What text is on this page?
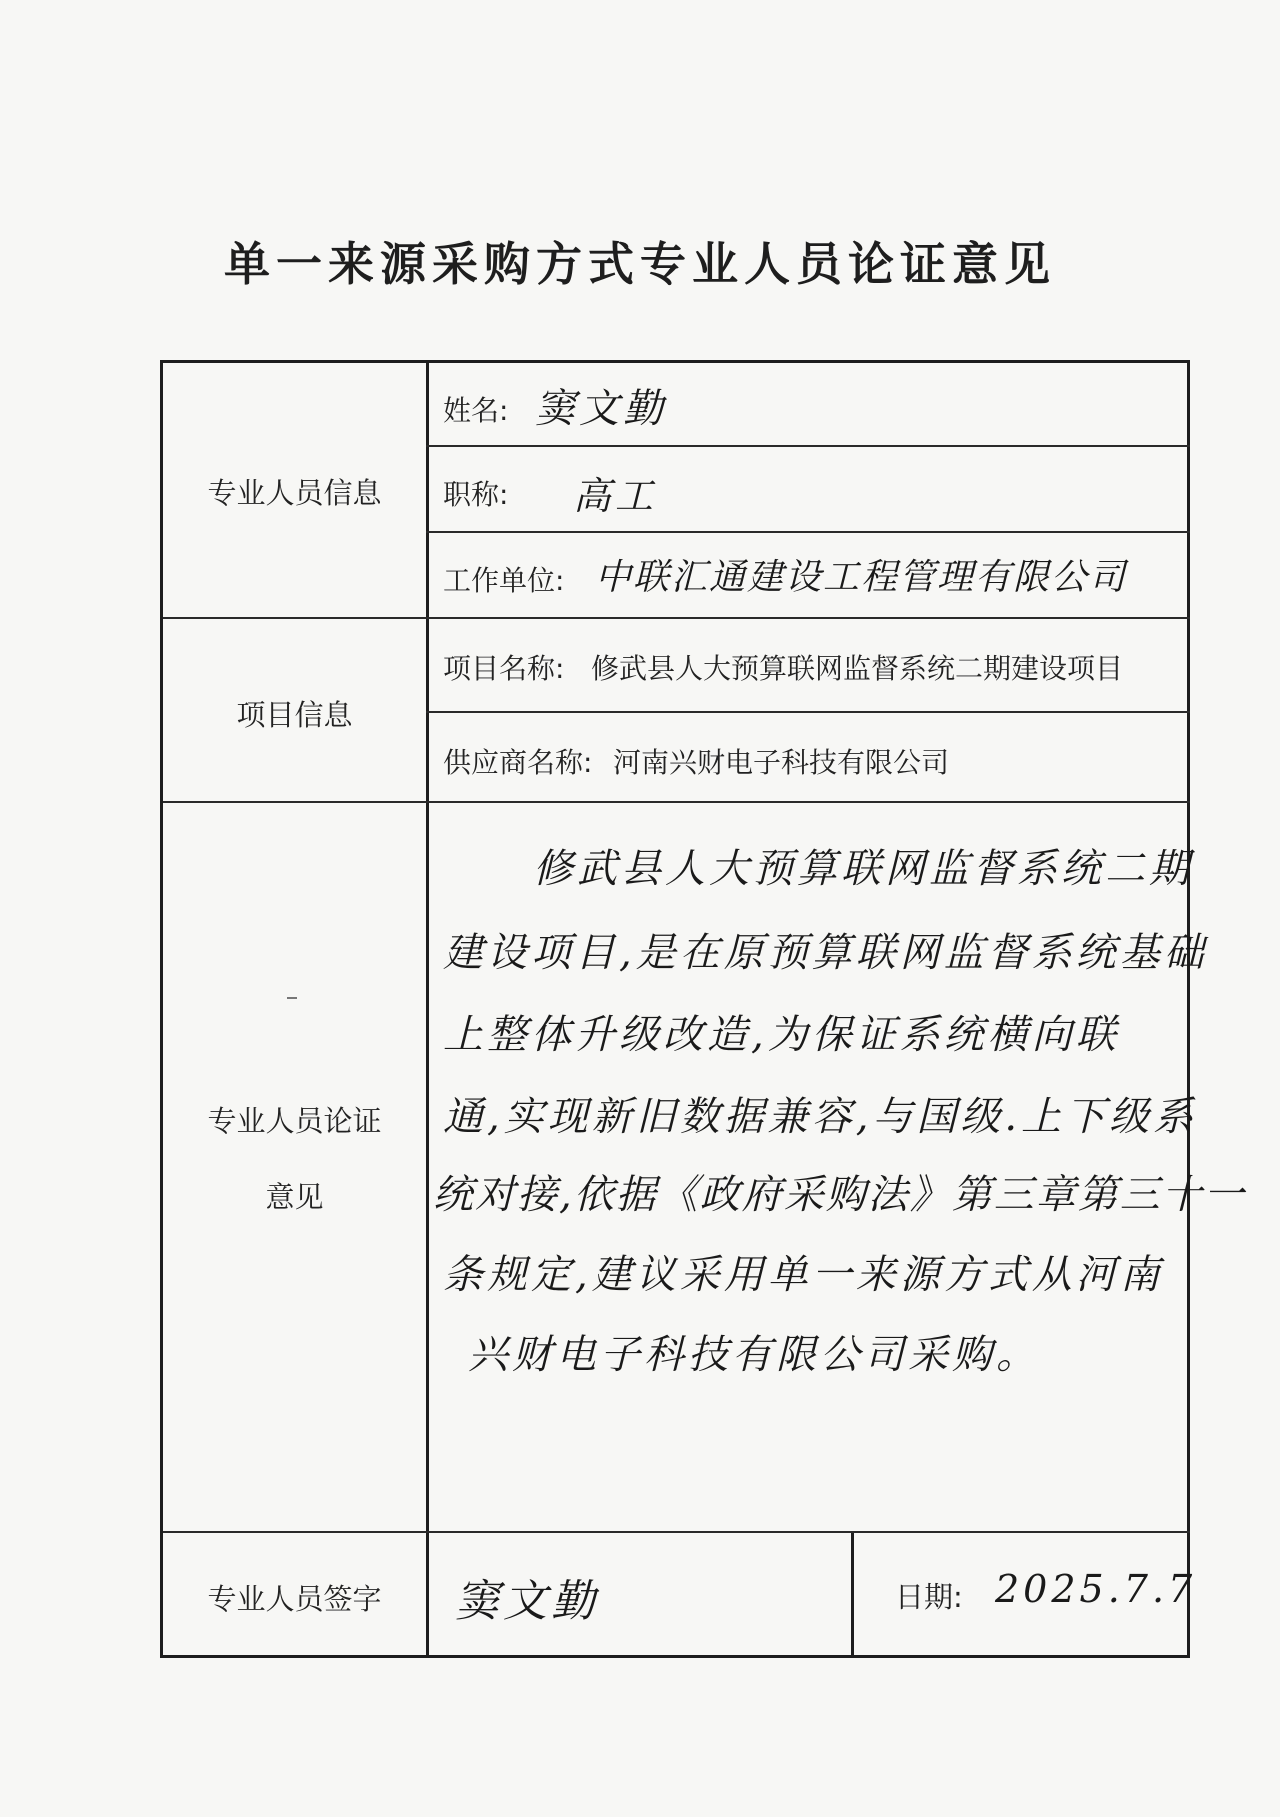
单一来源采购方式专业人员论证意见
专业人员信息
姓名: 窦文勤
职称: 高工
工作单位: 中联汇通建设工程管理有限公司
项目信息
项目名称: 修武县人大预算联网监督系统二期建设项目
供应商名称: 河南兴财电子科技有限公司
专业人员论证
意见
修武县人大预算联网监督系统二期
建设项目,是在原预算联网监督系统基础
上整体升级改造,为保证系统横向联
通,实现新旧数据兼容,与国级.上下级系
统对接,依据《政府采购法》第三章第三十一
条规定,建议采用单一来源方式从河南
兴财电子科技有限公司采购。
专业人员签字	窦文勤	日期: 2025.7.7
